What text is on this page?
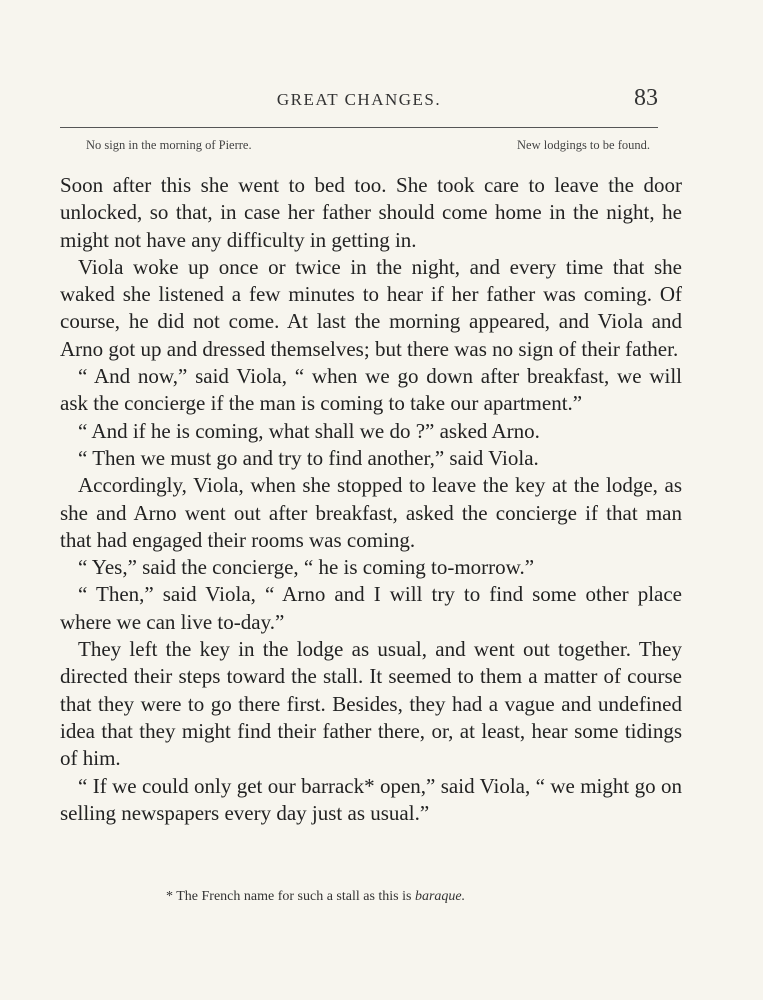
GREAT CHANGES.	83
No sign in the morning of Pierre.	New lodgings to be found.

Soon after this she went to bed too. She took care to leave the door unlocked, so that, in case her father should come home in the night, he might not have any difficulty in getting in.

Viola woke up once or twice in the night, and every time that she waked she listened a few minutes to hear if her father was coming. Of course, he did not come. At last the morning appeared, and Viola and Arno got up and dressed themselves; but there was no sign of their father.

“ And now,” said Viola, “ when we go down after breakfast, we will ask the concierge if the man is coming to take our apartment.”

“ And if he is coming, what shall we do ?” asked Arno.

“ Then we must go and try to find another,” said Viola.

Accordingly, Viola, when she stopped to leave the key at the lodge, as she and Arno went out after breakfast, asked the concierge if that man that had engaged their rooms was coming.

“ Yes,” said the concierge, “ he is coming to-morrow.”

“ Then,” said Viola, “ Arno and I will try to find some other place where we can live to-day.”

They left the key in the lodge as usual, and went out together. They directed their steps toward the stall. It seemed to them a matter of course that they were to go there first. Besides, they had a vague and undefined idea that they might find their father there, or, at least, hear some tidings of him.

“ If we could only get our barrack* open,” said Viola, “ we might go on selling newspapers every day just as usual.”

* The French name for such a stall as this is baraque.
